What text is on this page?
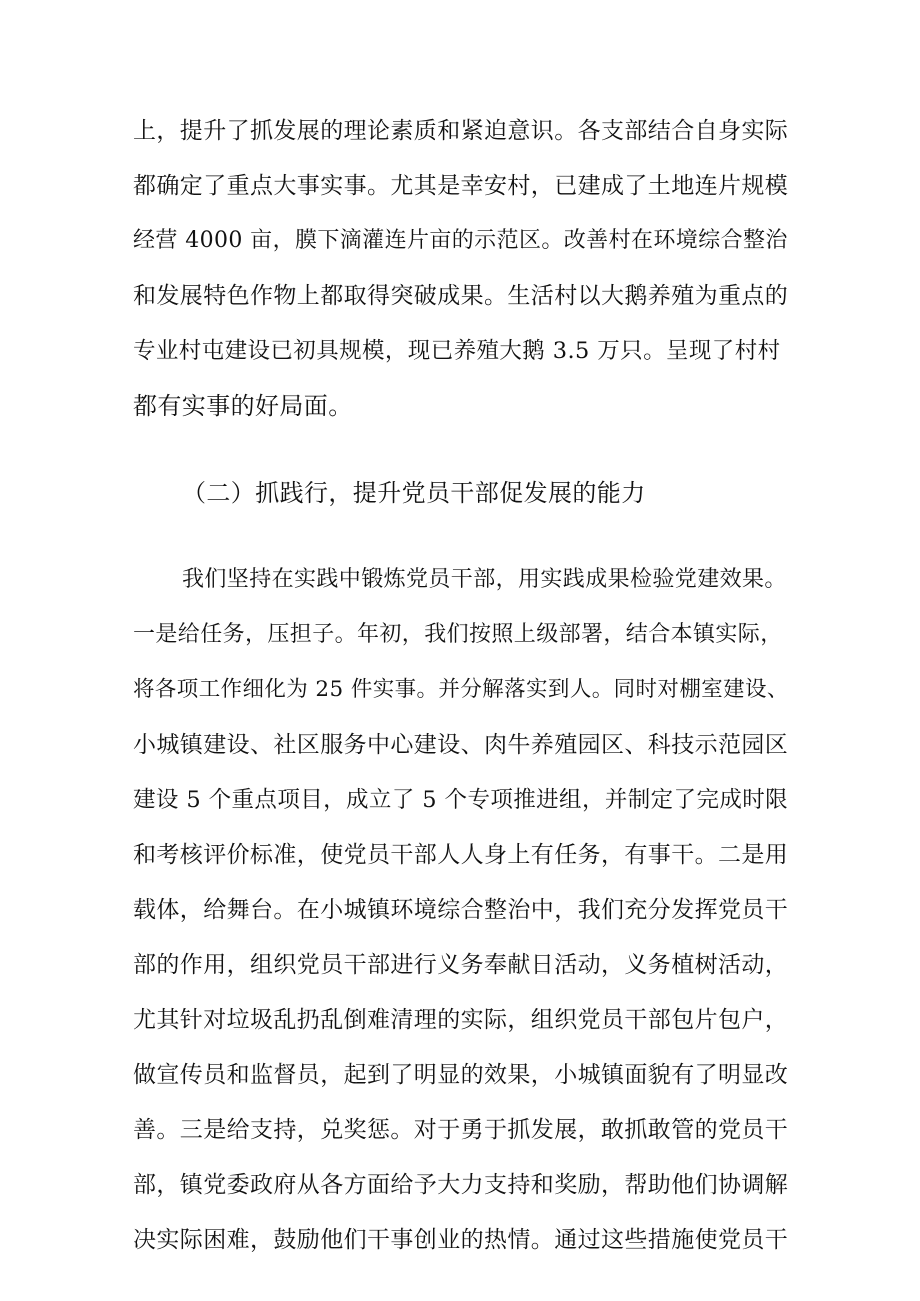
上，提升了抓发展的理论素质和紧迫意识。各支部结合自身实际
都确定了重点大事实事。尤其是幸安村，已建成了土地连片规模
经营 4000 亩，膜下滴灌连片亩的示范区。改善村在环境综合整治
和发展特色作物上都取得突破成果。生活村以大鹅养殖为重点的
专业村屯建设已初具规模，现已养殖大鹅 3.5 万只。呈现了村村
都有实事的好局面。
（二）抓践行，提升党员干部促发展的能力
我们坚持在实践中锻炼党员干部，用实践成果检验党建效果。
一是给任务，压担子。年初，我们按照上级部署，结合本镇实际，
将各项工作细化为 25 件实事。并分解落实到人。同时对棚室建设、
小城镇建设、社区服务中心建设、肉牛养殖园区、科技示范园区
建设 5 个重点项目，成立了 5 个专项推进组，并制定了完成时限
和考核评价标准，使党员干部人人身上有任务，有事干。二是用
载体，给舞台。在小城镇环境综合整治中，我们充分发挥党员干
部的作用，组织党员干部进行义务奉献日活动，义务植树活动，
尤其针对垃圾乱扔乱倒难清理的实际，组织党员干部包片包户，
做宣传员和监督员，起到了明显的效果，小城镇面貌有了明显改
善。三是给支持，兑奖惩。对于勇于抓发展，敢抓敢管的党员干
部，镇党委政府从各方面给予大力支持和奖励，帮助他们协调解
决实际困难，鼓励他们干事创业的热情。通过这些措施使党员干
